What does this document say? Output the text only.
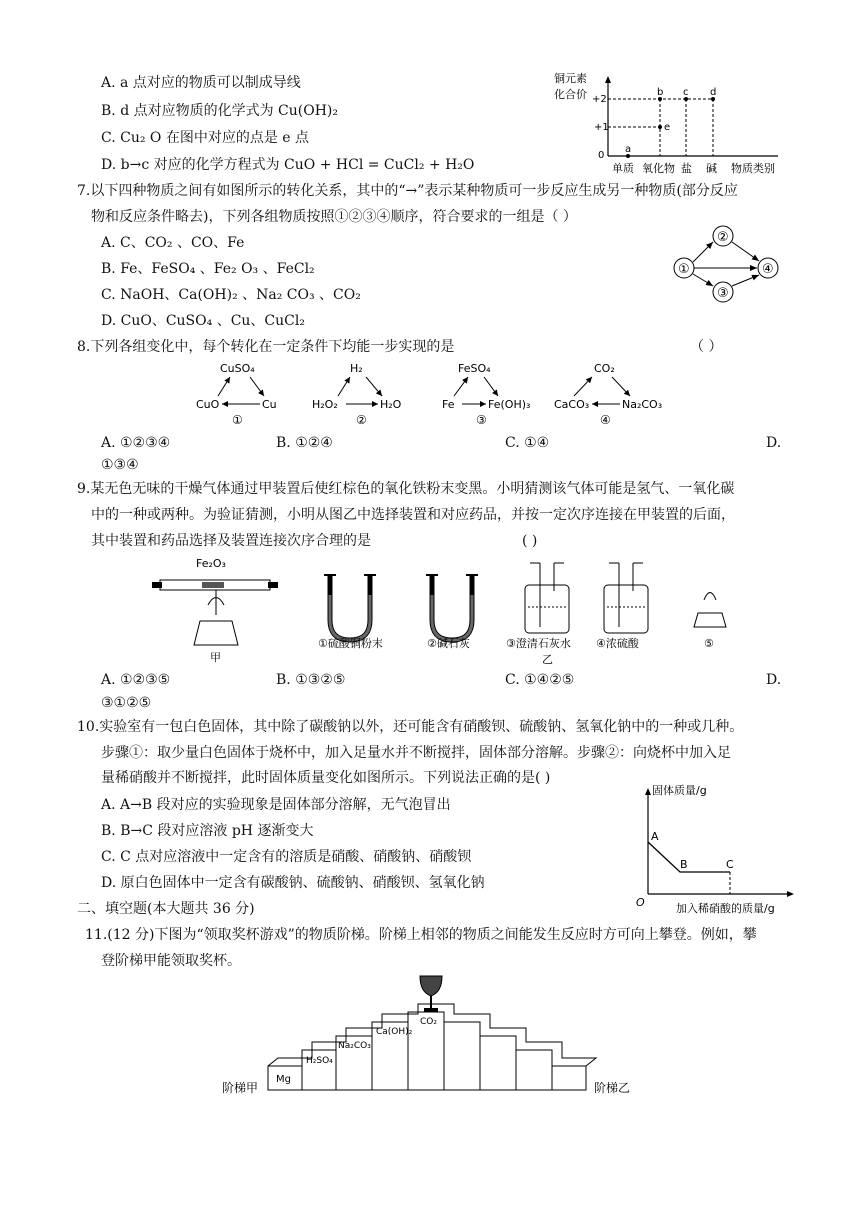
A. a 点对应的物质可以制成导线
B. d 点对应物质的化学式为 Cu(OH)₂
C. Cu₂ O 在图中对应的点是 e 点
D. b→c 对应的化学方程式为 CuO + HCl = CuCl₂ + H₂O
铜元素
化合价 +2
+1
0
a
b c d
e
单质 氧化物 盐 碱 物质类别
7.以下四种物质之间有如图所示的转化关系，其中的“→”表示某种物质可一步反应生成另一种物质(部分反应
物和反应条件略去)，下列各组物质按照①②③④顺序，符合要求的一组是（ ）
A. C、CO₂ 、CO、Fe
B. Fe、FeSO₄ 、Fe₂ O₃ 、FeCl₂
C. NaOH、Ca(OH)₂ 、Na₂ CO₃ 、CO₂
D. CuO、CuSO₄ 、Cu、CuCl₂
①
②
③
④
8.下列各组变化中，每个转化在一定条件下均能一步实现的是	（ ）
CuSO₄
CuO	Cu
①
H₂
H₂O₂	H₂O
②
FeSO₄
Fe	Fe(OH)₃
③
CO₂
CaCO₃	Na₂CO₃
④
A. ①②③④	B. ①②④	C. ①④	D.
①③④
9.某无色无味的干燥气体通过甲装置后使红棕色的氧化铁粉末变黑。小明猜测该气体可能是氢气、一氧化碳
中的一种或两种。为验证猜测，小明从图乙中选择装置和对应药品，并按一定次序连接在甲装置的后面，
其中装置和药品选择及装置连接次序合理的是	( )
Fe₂O₃
甲
①硫酸铜粉末	②碱石灰	③澄清石灰水
乙
④浓硫酸	⑤
A. ①②③⑤	B. ①③②⑤	C. ①④②⑤	D.
③①②⑤
10.实验室有一包白色固体，其中除了碳酸钠以外，还可能含有硝酸钡、硫酸钠、氢氧化钠中的一种或几种。
步骤①：取少量白色固体于烧杯中，加入足量水并不断搅拌，固体部分溶解。步骤②：向烧杯中加入足
量稀硝酸并不断搅拌，此时固体质量变化如图所示。下列说法正确的是( )
A. A→B 段对应的实验现象是固体部分溶解，无气泡冒出
B. B→C 段对应溶液 pH 逐渐变大
C. C 点对应溶液中一定含有的溶质是硝酸、硝酸钠、硝酸钡
D. 原白色固体中一定含有碳酸钠、硫酸钠、硝酸钡、氢氧化钠
固体质量/g
O
A
B	C
加入稀硝酸的质量/g
二、填空题(本大题共 36 分)
11.(12 分)下图为“领取奖杯游戏”的物质阶梯。阶梯上相邻的物质之间能发生反应时方可向上攀登。例如，攀
登阶梯甲能领取奖杯。
Mg
H₂SO₄
Na₂CO₃
Ca(OH)₂
CO₂
阶梯甲	阶梯乙
